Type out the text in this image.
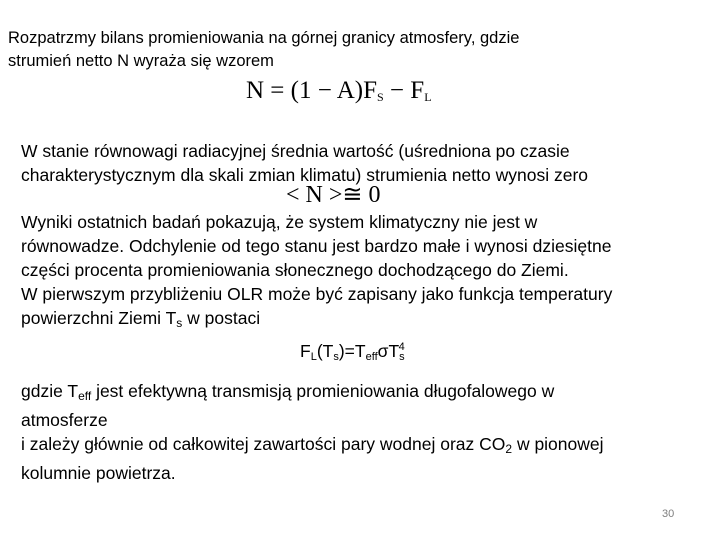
Rozpatrzmy bilans promieniowania na górnej granicy atmosfery, gdzie
strumień netto N wyraża się wzorem
$N = (1 - A)F_S - F_L$
W stanie równowagi radiacyjnej średnia wartość (uśredniona po czasie
charakterystycznym dla skali zmian klimatu) strumienia netto wynosi zero
< N >≅ 0
Wyniki ostatnich badań pokazują, że system klimatyczny nie jest w
równowadze. Odchylenie od tego stanu jest bardzo małe i wynosi dziesiętne
części procenta promieniowania słonecznego dochodzącego do Ziemi.
W pierwszym przybliżeniu OLR może być zapisany jako funkcja temperatury
powierzchni Ziemi $T_s$ w postaci
$F_L(T_s)=T_{eff}\sigma T_s^4$
gdzie $T_{eff}$ jest efektywną transmisją promieniowania długofalowego w
atmosferze
i zależy głównie od całkowitej zawartości pary wodnej oraz $CO_2$ w pionowej
kolumnie powietrza.
30
